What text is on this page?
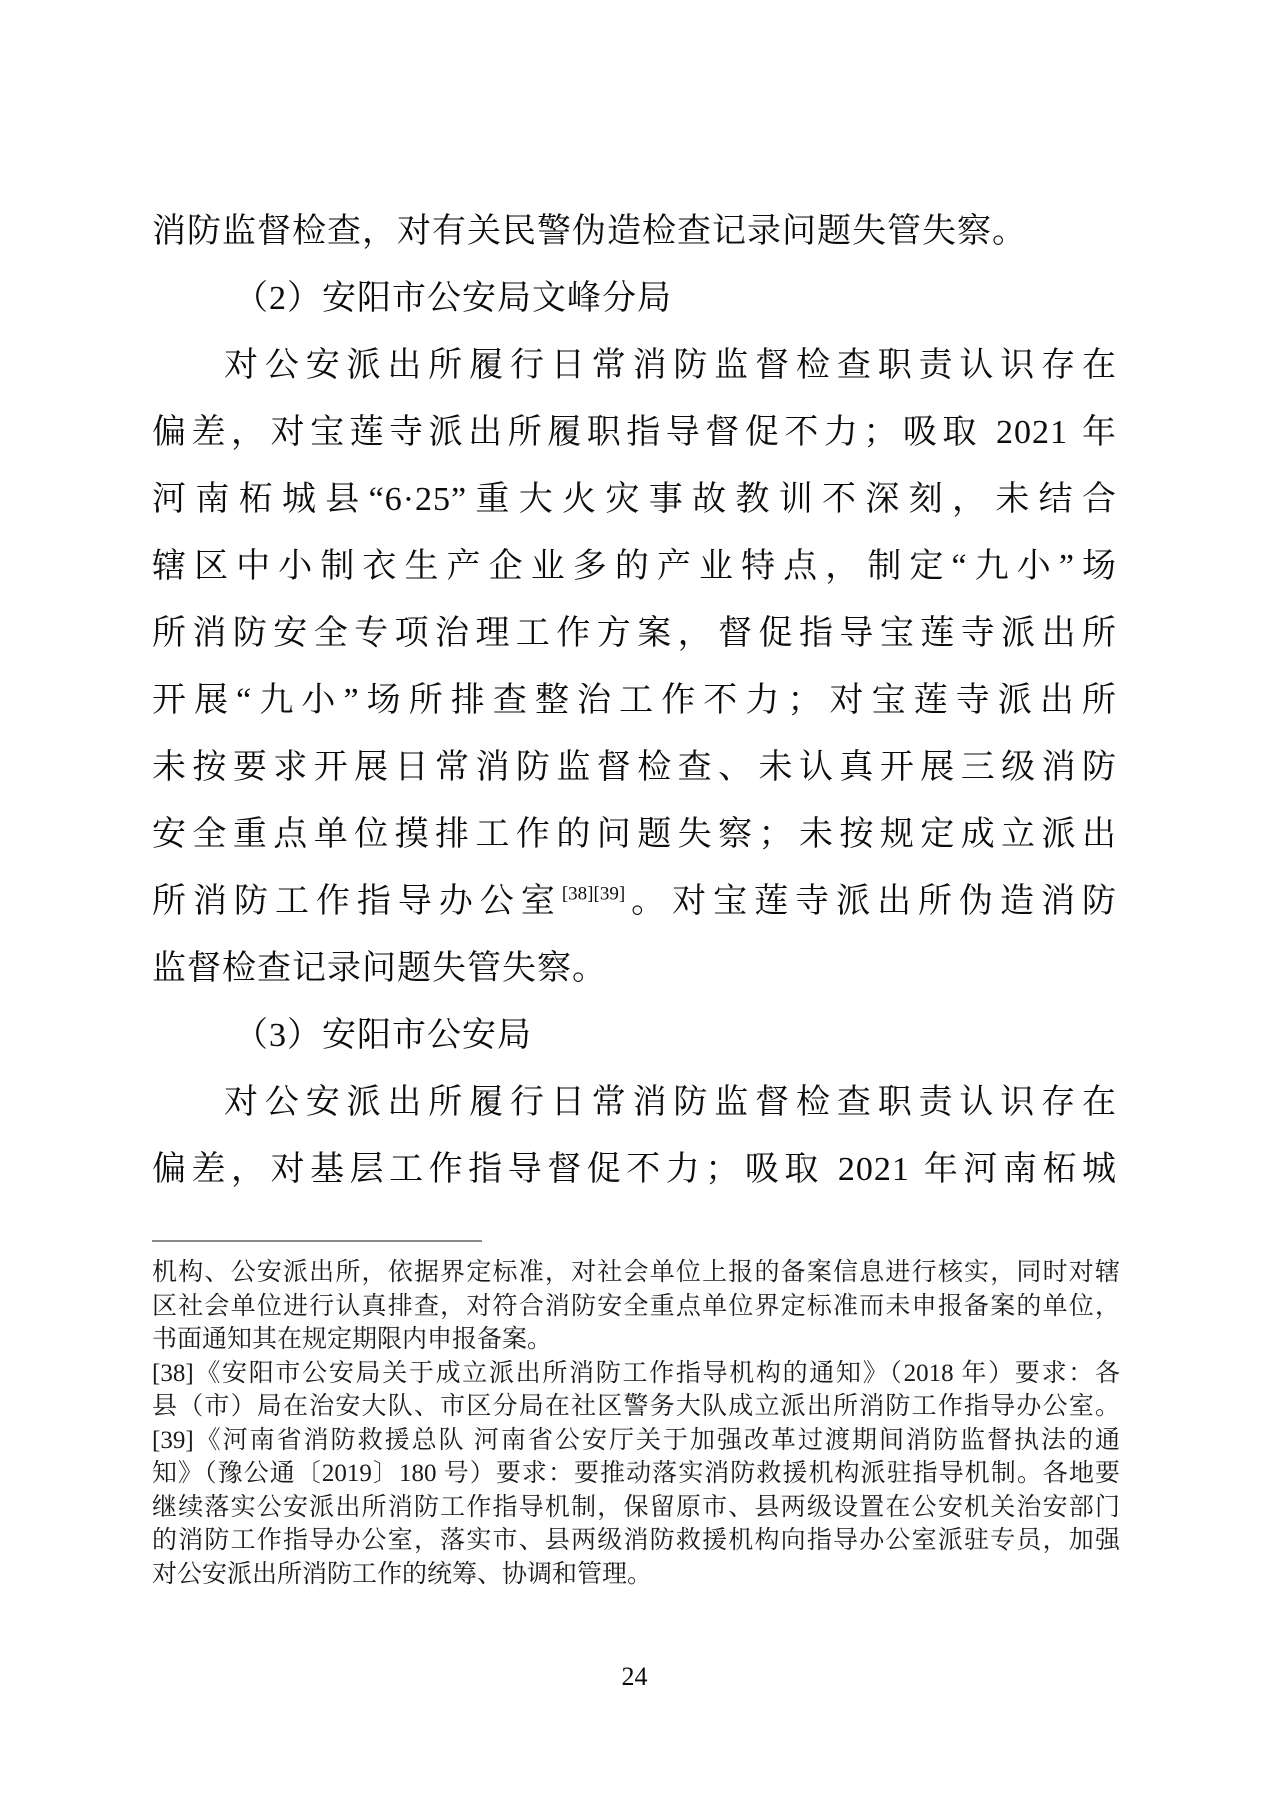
消防监督检查，对有关民警伪造检查记录问题失管失察。
（2）安阳市公安局文峰分局
对公安派出所履行日常消防监督检查职责认识存在
偏差，对宝莲寺派出所履职指导督促不力；吸取 2021 年
河南柘城县“6·25”重大火灾事故教训不深刻，未结合
辖区中小制衣生产企业多的产业特点，制定“九小”场
所消防安全专项治理工作方案，督促指导宝莲寺派出所
开展“九小”场所排查整治工作不力；对宝莲寺派出所
未按要求开展日常消防监督检查、未认真开展三级消防
安全重点单位摸排工作的问题失察；未按规定成立派出
所消防工作指导办公室[38][39]。对宝莲寺派出所伪造消防
监督检查记录问题失管失察。
（3）安阳市公安局
对公安派出所履行日常消防监督检查职责认识存在
偏差，对基层工作指导督促不力；吸取 2021 年河南柘城
机构、公安派出所，依据界定标准，对社会单位上报的备案信息进行核实，同时对辖
区社会单位进行认真排查，对符合消防安全重点单位界定标准而未申报备案的单位，
书面通知其在规定期限内申报备案。
[38]《安阳市公安局关于成立派出所消防工作指导机构的通知》（2018 年）要求：各
县（市）局在治安大队、市区分局在社区警务大队成立派出所消防工作指导办公室。
[39]《河南省消防救援总队 河南省公安厅关于加强改革过渡期间消防监督执法的通
知》（豫公通〔2019〕180 号）要求：要推动落实消防救援机构派驻指导机制。各地要
继续落实公安派出所消防工作指导机制，保留原市、县两级设置在公安机关治安部门
的消防工作指导办公室，落实市、县两级消防救援机构向指导办公室派驻专员，加强
对公安派出所消防工作的统筹、协调和管理。
24
